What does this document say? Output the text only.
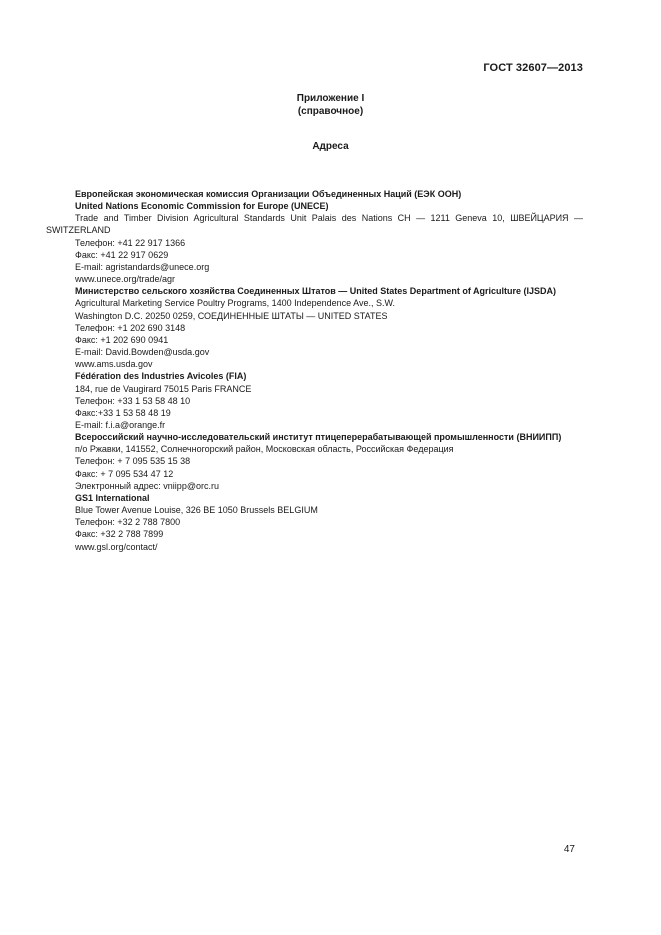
ГОСТ 32607—2013
Приложение I
(справочное)
Адреса
Европейская экономическая комиссия Организации Объединенных Наций (ЕЭК ООН)
United Nations Economic Commission for Europe (UNECE)
Trade and Timber Division Agricultural Standards Unit Palais des Nations CH — 1211 Geneva 10, ШВЕЙЦАРИЯ — SWITZERLAND
Телефон: +41 22 917 1366
Факс: +41 22 917 0629
E-mail: agristandards@unece.org
www.unece.org/trade/agr
Министерство сельского хозяйства Соединенных Штатов — United States Department of Agriculture (IJSDA)
Agricultural Marketing Service Poultry Programs, 1400 Independence Ave., S.W.
Washington D.C. 20250 0259, СОЕДИНЕННЫЕ ШТАТЫ — UNITED STATES
Телефон: +1 202 690 3148
Факс: +1 202 690 0941
E-mail: David.Bowden@usda.gov
www.ams.usda.gov
Fédération des Industries Avicoles (FIA)
184, rue de Vaugirard 75015 Paris FRANCE
Телефон: +33 1 53 58 48 10
Факс:+33 1 53 58 48 19
E-mail: f.i.a@orange.fr
Всероссийский научно-исследовательский институт птицеперерабатывающей промышленности (ВНИИПП)
п/о Ржавки, 141552, Солнечногорский район, Московская область, Российская Федерация
Телефон: + 7 095 535 15 38
Факс: + 7 095 534 47 12
Электронный адрес: vniipp@orc.ru
GS1 International
Blue Tower Avenue Louise, 326 BE 1050 Brussels BELGIUM
Телефон: +32 2 788 7800
Факс: +32 2 788 7899
www.gsl.org/contact/
47
